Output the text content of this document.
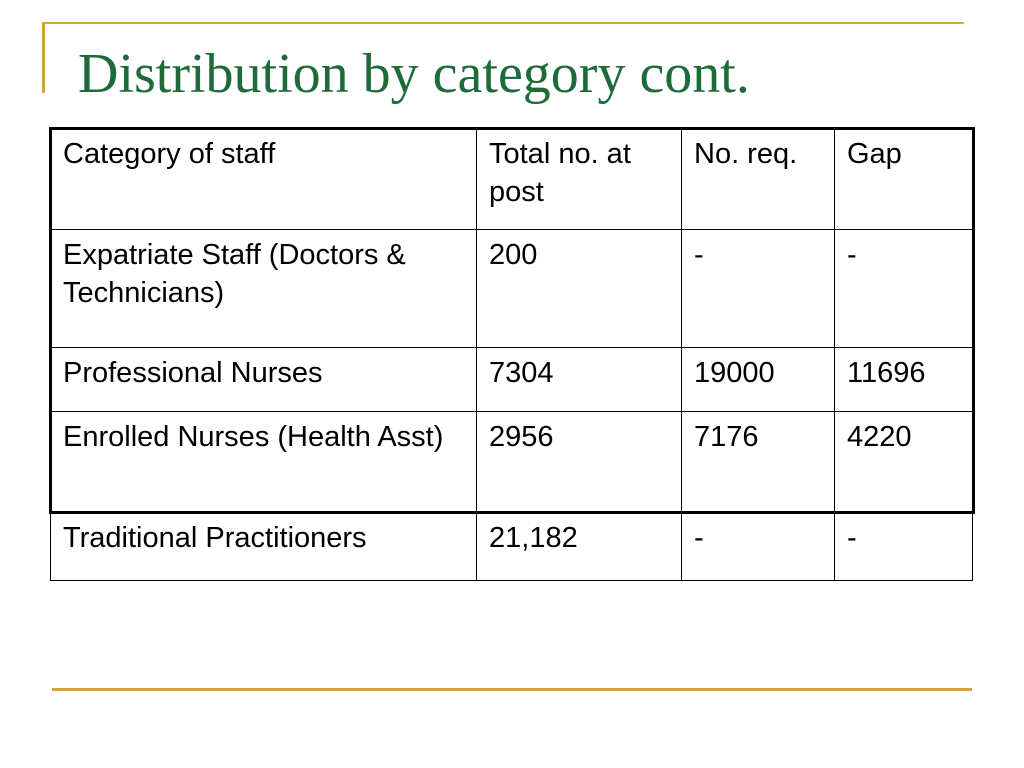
Distribution by category cont.
Category of staff	Total no. at post	No. req.	Gap
Expatriate Staff (Doctors & Technicians)	200	-	-
Professional Nurses	7304	19000	11696
Enrolled Nurses (Health Asst)	2956	7176	4220
Traditional Practitioners	21,182	-	-
